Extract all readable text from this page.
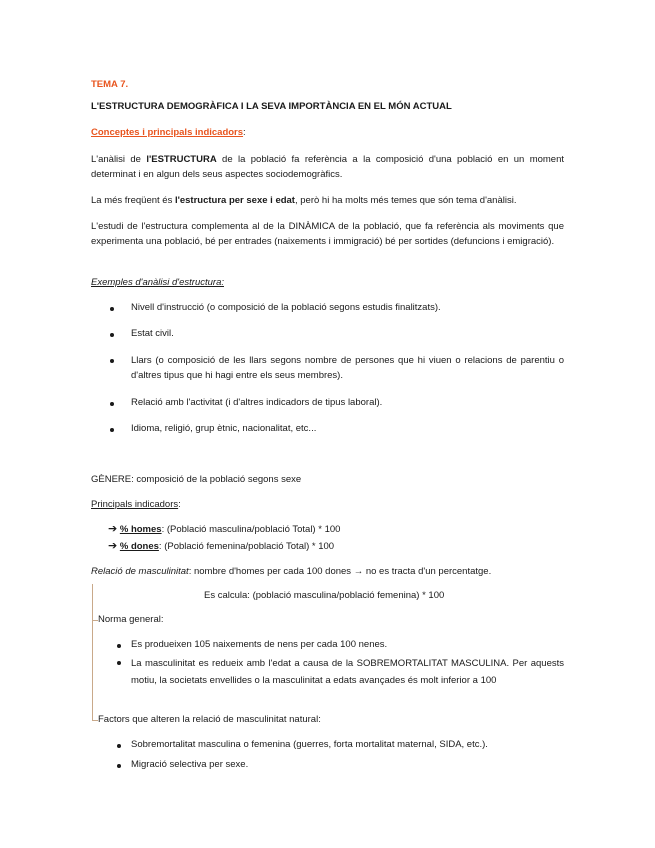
TEMA 7.
L'ESTRUCTURA DEMOGRÀFICA I LA SEVA IMPORTÀNCIA EN EL MÓN ACTUAL
Conceptes i principals indicadors:
L'anàlisi de l'ESTRUCTURA de la població fa referència a la composició d'una població en un moment determinat i en algun dels seus aspectes sociodemogràfics.
La més freqüent és l'estructura per sexe i edat, però hi ha molts més temes que són tema d'anàlisi.
L'estudi de l'estructura complementa al de la DINÀMICA de la població, que fa referència als moviments que experimenta una població, bé per entrades (naixements i immigració) bé per sortides (defuncions i emigració).
Exemples d'anàlisi d'estructura:
Nivell d'instrucció (o composició de la població segons estudis finalitzats).
Estat civil.
Llars (o composició de les llars segons nombre de persones que hi viuen o relacions de parentiu o d'altres tipus que hi hagi entre els seus membres).
Relació amb l'activitat (i d'altres indicadors de tipus laboral).
Idioma, religió, grup ètnic, nacionalitat, etc...
GÈNERE: composició de la població segons sexe
Principals indicadors:
➔ % homes: (Població masculina/població Total) * 100
➔ % dones: (Població femenina/població Total) * 100
Relació de masculinitat: nombre d'homes per cada 100 dones → no es tracta d'un percentatge.
Es calcula: (població masculina/població femenina) * 100
Norma general:
Es produeixen 105 naixements de nens per cada 100 nenes.
La masculinitat es redueix amb l'edat a causa de la SOBREMORTALITAT MASCULINA. Per aquests motiu, la societats envellides o la masculinitat a edats avançades és molt inferior a 100
Factors que alteren la relació de masculinitat natural:
Sobremortalitat masculina o femenina (guerres, forta mortalitat maternal, SIDA, etc.).
Migració selectiva per sexe.
